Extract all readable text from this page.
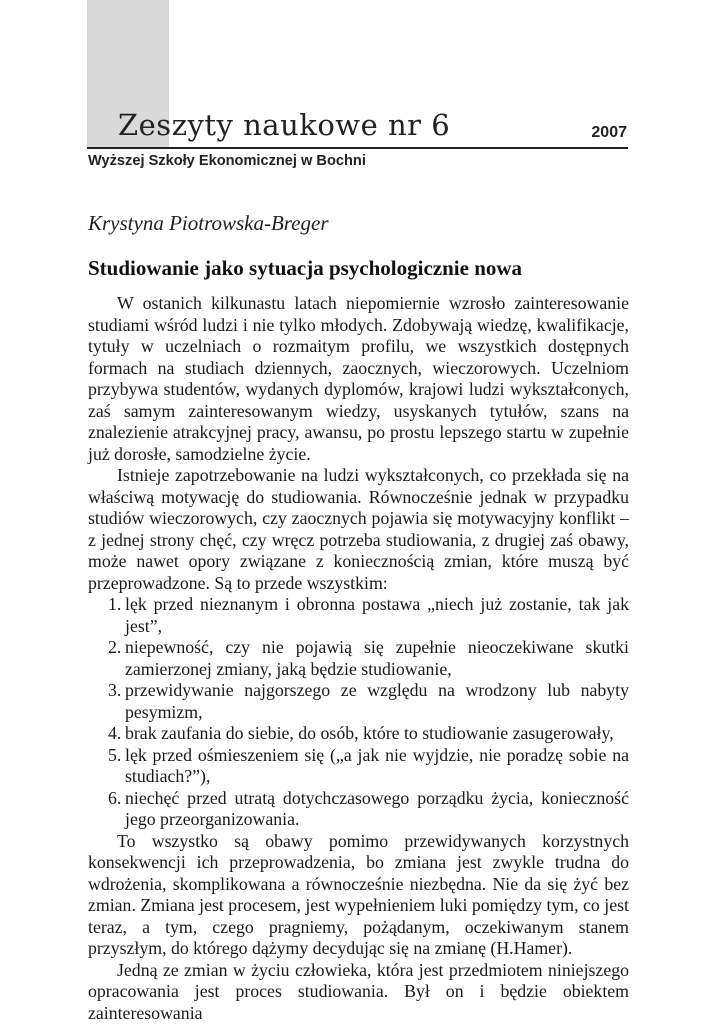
Zeszyty naukowe nr 6	2007
Wyższej Szkoły Ekonomicznej w Bochni
Krystyna Piotrowska-Breger
Studiowanie jako sytuacja psychologicznie nowa

W ostanich kilkunastu latach niepomiernie wzrosło zainteresowanie studiami wśród ludzi i nie tylko młodych. Zdobywają wiedzę, kwalifikacje, tytuły w uczelniach o rozmaitym profilu, we wszystkich dostępnych formach na studiach dziennych, zaocznych, wieczorowych. Uczelniom przybywa studentów, wydanych dyplomów, krajowi ludzi wykształconych, zaś samym zainteresowanym wiedzy, usyskanych tytułów, szans na znalezienie atrakcyjnej pracy, awansu, po prostu lepszego startu w zupełnie już dorosłe, samodzielne życie.

Istnieje zapotrzebowanie na ludzi wykształconych, co przekłada się na właściwą motywację do studiowania. Równocześnie jednak w przypadku studiów wieczorowych, czy zaocznych pojawia się motywacyjny konflikt – z jednej strony chęć, czy wręcz potrzeba studiowania, z drugiej zaś obawy, może nawet opory związane z koniecznością zmian, które muszą być przeprowadzone. Są to przede wszystkim:

1. lęk przed nieznanym i obronna postawa „niech już zostanie, tak jak jest”,
2. niepewność, czy nie pojawią się zupełnie nieoczekiwane skutki zamierzonej zmiany, jaką będzie studiowanie,
3. przewidywanie najgorszego ze względu na wrodzony lub nabyty pesymizm,
4. brak zaufania do siebie, do osób, które to studiowanie zasugerowały,
5. lęk przed ośmieszeniem się („a jak nie wyjdzie, nie poradzę sobie na studiach?”),
6. niechęć przed utratą dotychczasowego porządku życia, konieczność jego przeorganizowania.

To wszystko są obawy pomimo przewidywanych korzystnych konsekwencji ich przeprowadzenia, bo zmiana jest zwykle trudna do wdrożenia, skomplikowana a równocześnie niezbędna. Nie da się żyć bez zmian. Zmiana jest procesem, jest wypełnieniem luki pomiędzy tym, co jest teraz, a tym, czego pragniemy, pożądanym, oczekiwanym stanem przyszłym, do którego dążymy decydując się na zmianę (H.Hamer).

Jedną ze zmian w życiu człowieka, która jest przedmiotem niniejszego opracowania jest proces studiowania. Był on i będzie obiektem zainteresowania
